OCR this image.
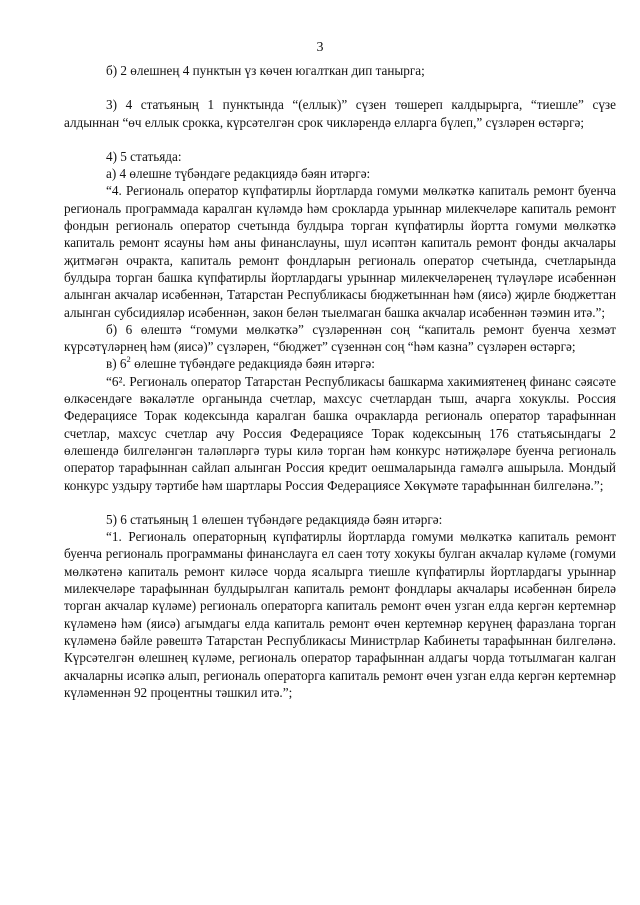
3

б) 2 өлешнең 4 пунктын үз көчен югалткан дип танырга;

3) 4 статьяның 1 пунктында “(еллык)” сүзен төшереп калдырырга, “тиешле” сүзе алдыннан “өч еллык срокка, күрсәтелгән срок чикләрендә елларга бүлеп,” сүзләрен өстәргә;

4) 5 статьяда:

а) 4 өлешне түбәндәге редакциядә бәян итәргә:

“4. Региональ оператор күпфатирлы йортларда гомуми мөлкәткә капиталь ремонт буенча региональ программада каралган күләмдә һәм срокларда урыннар милекчеләре капиталь ремонт фондын региональ оператор счетында булдыра торган күпфатирлы йортта гомуми мөлкәткә капиталь ремонт ясауны һәм аны финанслауны, шул исәптән капиталь ремонт фонды акчалары җитмәгән очракта, капиталь ремонт фондларын региональ оператор счетында, счетларында булдыра торган башка күпфатирлы йортлардагы урыннар милекчеләренең түләүләре исәбеннән алынган акчалар исәбеннән, Татарстан Республикасы бюджетыннан һәм (яисә) җирле бюджеттан алынган субсидияләр исәбеннән, закон белән тыелмаган башка акчалар исәбеннән тәэмин итә.”;

б) 6 өлештә “гомуми мөлкәткә” сүзләреннән соң “капиталь ремонт буенча хезмәт күрсәтүләрнең һәм (яисә)” сүзләрен, “бюджет” сүзеннән соң “һәм казна” сүзләрен өстәргә;

в) $6^2$ өлешне түбәндәге редакциядә бәян итәргә:

“6². Региональ оператор Татарстан Республикасы башкарма хакимиятенең финанс сәясәте өлкәсендәге вәкаләтле органында счетлар, махсус счетлардан тыш, ачарга хокуклы. Россия Федерациясе Торак кодексында каралган башка очракларда региональ оператор тарафыннан счетлар, махсус счетлар ачу Россия Федерациясе Торак кодексының 176 статьясындагы 2 өлешендә билгеләнгән таләпләргә туры килә торган һәм конкурс нәтиҗәләре буенча региональ оператор тарафыннан сайлап алынган Россия кредит оешмаларында гамәлгә ашырыла. Мондый конкурс уздыру тәртибе һәм шартлары Россия Федерациясе Хөкүмәте тарафыннан билгеләнә.”;

5) 6 статьяның 1 өлешен түбәндәге редакциядә бәян итәргә:

“1. Региональ операторның күпфатирлы йортларда гомуми мөлкәткә капиталь ремонт буенча региональ программаны финанслауга ел саен тоту хокукы булган акчалар күләме (гомуми мөлкәтенә капиталь ремонт киләсе чорда ясалырга тиешле күпфатирлы йортлардагы урыннар милекчеләре тарафыннан булдырылган капиталь ремонт фондлары акчалары исәбеннән бирелә торган акчалар күләме) региональ операторга капиталь ремонт өчен узган елда кергән кертемнәр күләменә һәм (яисә) агымдагы елда капиталь ремонт өчен кертемнәр керүнең фаразлана торган күләменә бәйле рәвештә Татарстан Республикасы Министрлар Кабинеты тарафыннан билгеләнә. Күрсәтелгән өлешнең күләме, региональ оператор тарафыннан алдагы чорда тотылмаган калган акчаларны исәпкә алып, региональ операторга капиталь ремонт өчен узган елда кергән кертемнәр күләменнән 92 процентны тәшкил итә.”;
